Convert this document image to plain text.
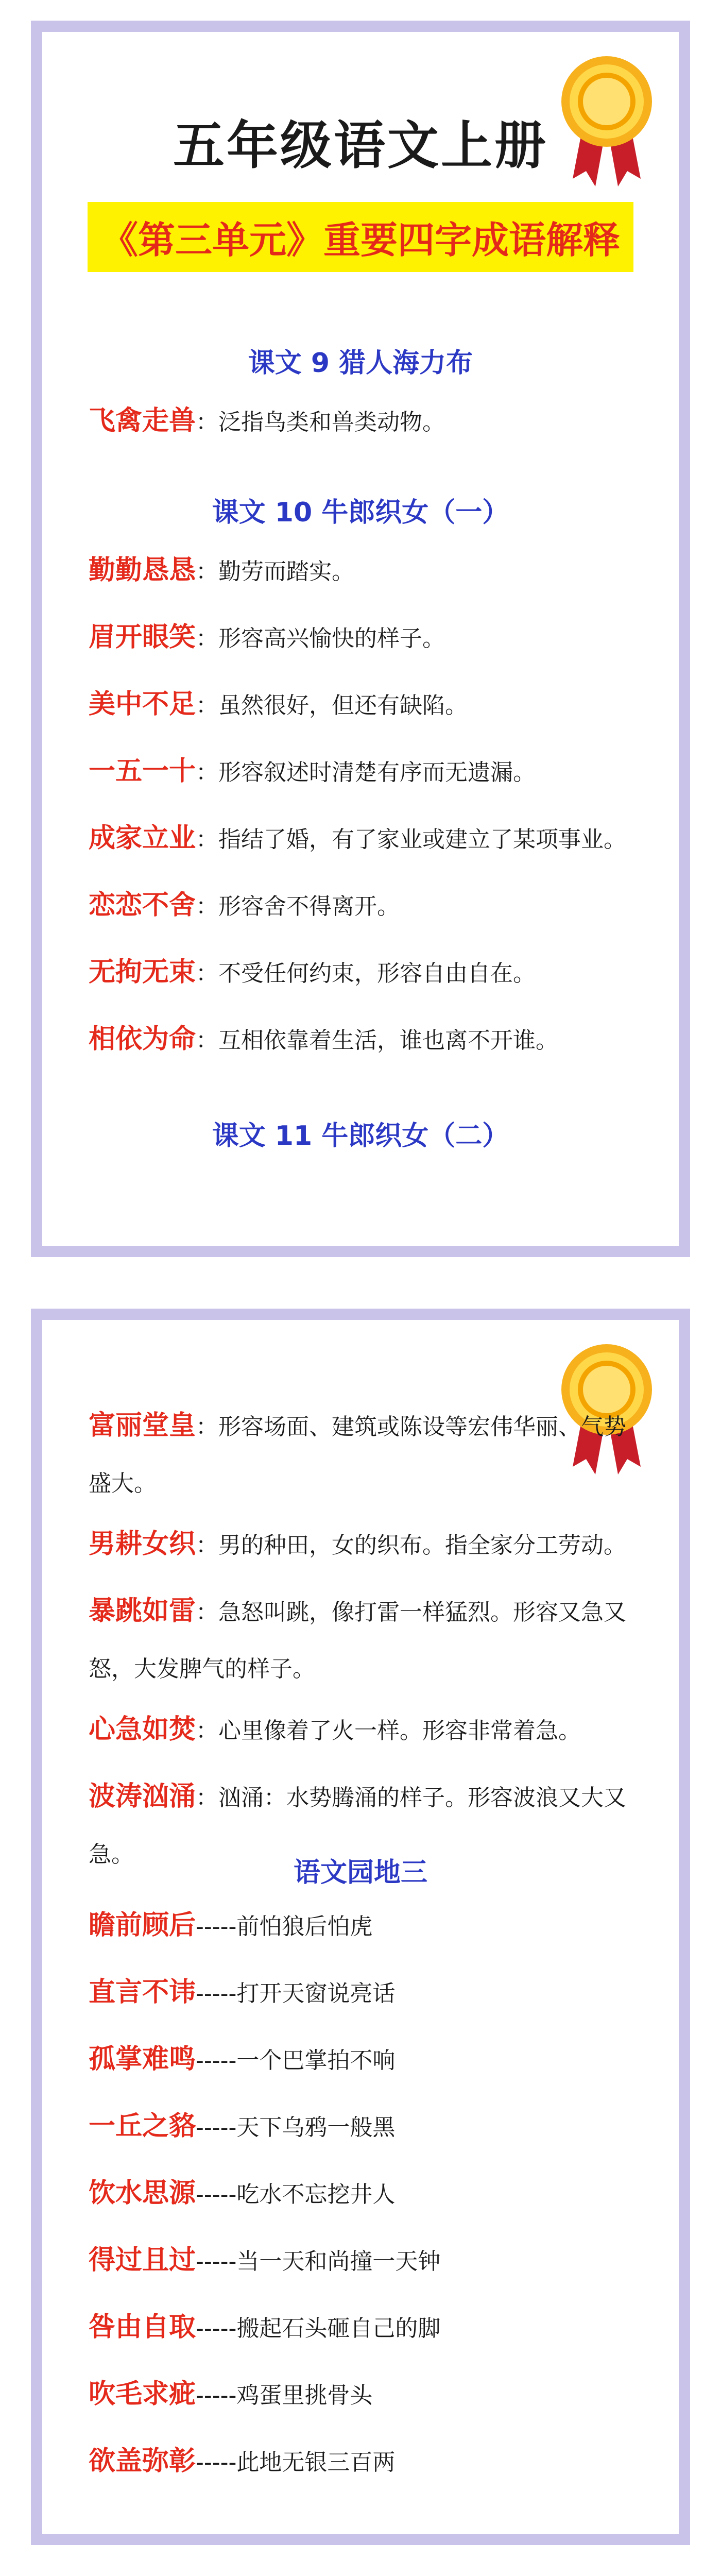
五年级语文上册
《第三单元》重要四字成语解释
课文 9 猎人海力布
飞禽走兽：泛指鸟类和兽类动物。
课文 10 牛郎织女（一）
勤勤恳恳：勤劳而踏实。
眉开眼笑：形容高兴愉快的样子。
美中不足：虽然很好，但还有缺陷。
一五一十：形容叙述时清楚有序而无遗漏。
成家立业：指结了婚，有了家业或建立了某项事业。
恋恋不舍：形容舍不得离开。
无拘无束：不受任何约束，形容自由自在。
相依为命：互相依靠着生活，谁也离不开谁。
课文 11 牛郎织女（二）
富丽堂皇：形容场面、建筑或陈设等宏伟华丽、气势盛大。
男耕女织：男的种田，女的织布。指全家分工劳动。
暴跳如雷：急怒叫跳，像打雷一样猛烈。形容又急又怒，大发脾气的样子。
心急如焚：心里像着了火一样。形容非常着急。
波涛汹涌：汹涌：水势腾涌的样子。形容波浪又大又急。
语文园地三
瞻前顾后-----前怕狼后怕虎
直言不讳-----打开天窗说亮话
孤掌难鸣-----一个巴掌拍不响
一丘之貉-----天下乌鸦一般黑
饮水思源-----吃水不忘挖井人
得过且过-----当一天和尚撞一天钟
咎由自取-----搬起石头砸自己的脚
吹毛求疵-----鸡蛋里挑骨头
欲盖弥彰-----此地无银三百两
